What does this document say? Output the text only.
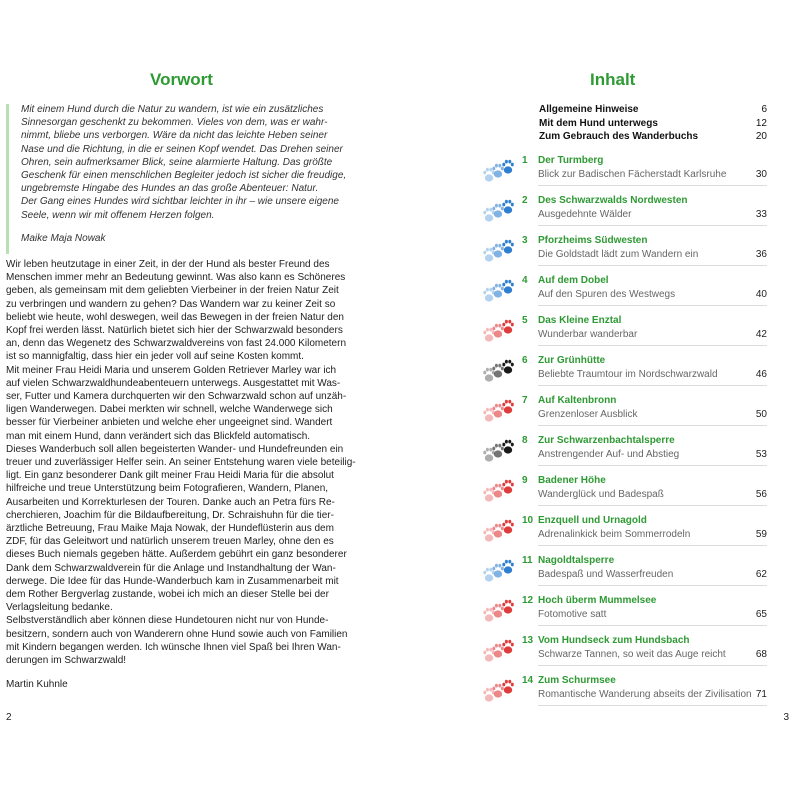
Vorwort

Mit einem Hund durch die Natur zu wandern, ist wie ein zusätzliches

Sinnesorgan geschenkt zu bekommen. Vieles von dem, was er wahr-

nimmt, bliebe uns verborgen. Wäre da nicht das leichte Heben seiner

Nase und die Richtung, in die er seinen Kopf wendet. Das Drehen seiner

Ohren, sein aufmerksamer Blick, seine alarmierte Haltung. Das größte

Geschenk für einen menschlichen Begleiter jedoch ist sicher die freudige,

ungebremste Hingabe des Hundes an das große Abenteuer: Natur.

Der Gang eines Hundes wird sichtbar leichter in ihr – wie unsere eigene

Seele, wenn wir mit offenem Herzen folgen.

Maike Maja Nowak

Wir leben heutzutage in einer Zeit, in der der Hund als bester Freund des

Menschen immer mehr an Bedeutung gewinnt. Was also kann es Schöneres

geben, als gemeinsam mit dem geliebten Vierbeiner in der freien Natur Zeit

zu verbringen und wandern zu gehen? Das Wandern war zu keiner Zeit so

beliebt wie heute, wohl deswegen, weil das Bewegen in der freien Natur den

Kopf frei werden lässt. Natürlich bietet sich hier der Schwarzwald besonders

an, denn das Wegenetz des Schwarzwaldvereins von fast 24.000 Kilometern

ist so mannigfaltig, dass hier ein jeder voll auf seine Kosten kommt.

Mit meiner Frau Heidi Maria und unserem Golden Retriever Marley war ich

auf vielen Schwarzwaldhundeabenteuern unterwegs. Ausgestattet mit Was-

ser, Futter und Kamera durchquerten wir den Schwarzwald schon auf unzäh-

ligen Wanderwegen. Dabei merkten wir schnell, welche Wanderwege sich

besser für Vierbeiner anbieten und welche eher ungeeignet sind. Wandert

man mit einem Hund, dann verändert sich das Blickfeld automatisch.

Dieses Wanderbuch soll allen begeisterten Wander- und Hundefreunden ein

treuer und zuverlässiger Helfer sein. An seiner Entstehung waren viele beteilig-

ligt. Ein ganz besonderer Dank gilt meiner Frau Heidi Maria für die absolut

hilfreiche und treue Unterstützung beim Fotografieren, Wandern, Planen,

Ausarbeiten und Korrekturlesen der Touren. Danke auch an Petra fürs Re-

cherchieren, Joachim für die Bildaufbereitung, Dr. Schraishuhn für die tier-

ärztliche Betreuung, Frau Maike Maja Nowak, der Hundeflüsterin aus dem

ZDF, für das Geleitwort und natürlich unserem treuen Marley, ohne den es

dieses Buch niemals gegeben hätte. Außerdem gebührt ein ganz besonderer

Dank dem Schwarzwaldverein für die Anlage und Instandhaltung der Wan-

derwege. Die Idee für das Hunde-Wanderbuch kam in Zusammenarbeit mit

dem Rother Bergverlag zustande, wobei ich mich an dieser Stelle bei der

Verlagsleitung bedanke.

Selbstverständlich aber können diese Hundetouren nicht nur von Hunde-

besitzern, sondern auch von Wanderern ohne Hund sowie auch von Familien

mit Kindern begangen werden. Ich wünsche Ihnen viel Spaß bei Ihren Wan-

derungen im Schwarzwald!

Martin Kuhnle
2
Inhalt
Allgemeine Hinweise	6
Mit dem Hund unterwegs	12
Zum Gebrauch des Wanderbuchs	20
1 Der Turmberg
Blick zur Badischen Fächerstadt Karlsruhe	30
2 Des Schwarzwalds Nordwesten
Ausgedehnte Wälder	33
3 Pforzheims Südwesten
Die Goldstadt lädt zum Wandern ein	36
4 Auf dem Dobel
Auf den Spuren des Westwegs	40
5 Das Kleine Enztal
Wunderbar wanderbar	42
6 Zur Grünhütte
Beliebte Traumtour im Nordschwarzwald	46
7 Auf Kaltenbronn
Grenzenloser Ausblick	50
8 Zur Schwarzenbachtalsperre
Anstrengender Auf- und Abstieg	53
9 Badener Höhe
Wanderglück und Badespaß	56
10 Enzquell und Urnagold
Adrenalinkick beim Sommerrodeln	59
11 Nagoldtalsperre
Badespaß und Wasserfreuden	62
12 Hoch überm Mummelsee
Fotomotive satt	65
13 Vom Hundseck zum Hundsbach
Schwarze Tannen, so weit das Auge reicht	68
14 Zum Schurmsee
Romantische Wanderung abseits der Zivilisation 71
3
